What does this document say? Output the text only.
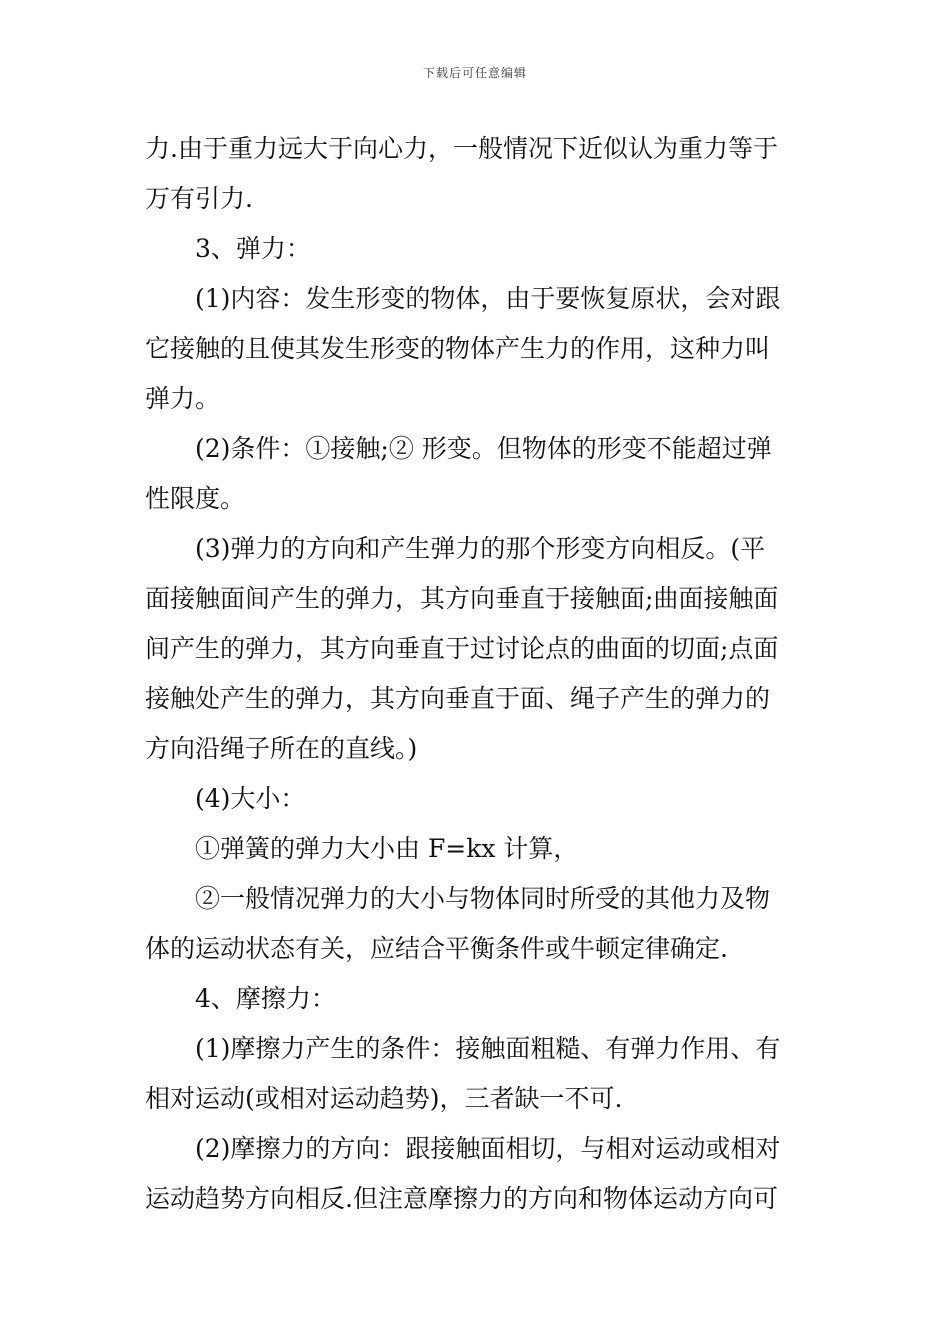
下载后可任意编辑
力.由于重力远大于向心力，一般情况下近似认为重力等于
万有引力.
3、弹力：
(1)内容：发生形变的物体，由于要恢复原状，会对跟
它接触的且使其发生形变的物体产生力的作用，这种力叫
弹力。
(2)条件：①接触;② 形变。但物体的形变不能超过弹
性限度。
(3)弹力的方向和产生弹力的那个形变方向相反。(平
面接触面间产生的弹力，其方向垂直于接触面;曲面接触面
间产生的弹力，其方向垂直于过讨论点的曲面的切面;点面
接触处产生的弹力，其方向垂直于面、绳子产生的弹力的
方向沿绳子所在的直线。)
(4)大小：
①弹簧的弹力大小由 F=kx 计算，
②一般情况弹力的大小与物体同时所受的其他力及物
体的运动状态有关，应结合平衡条件或牛顿定律确定.
4、摩擦力：
(1)摩擦力产生的条件：接触面粗糙、有弹力作用、有
相对运动(或相对运动趋势)，三者缺一不可.
(2)摩擦力的方向：跟接触面相切，与相对运动或相对
运动趋势方向相反.但注意摩擦力的方向和物体运动方向可
